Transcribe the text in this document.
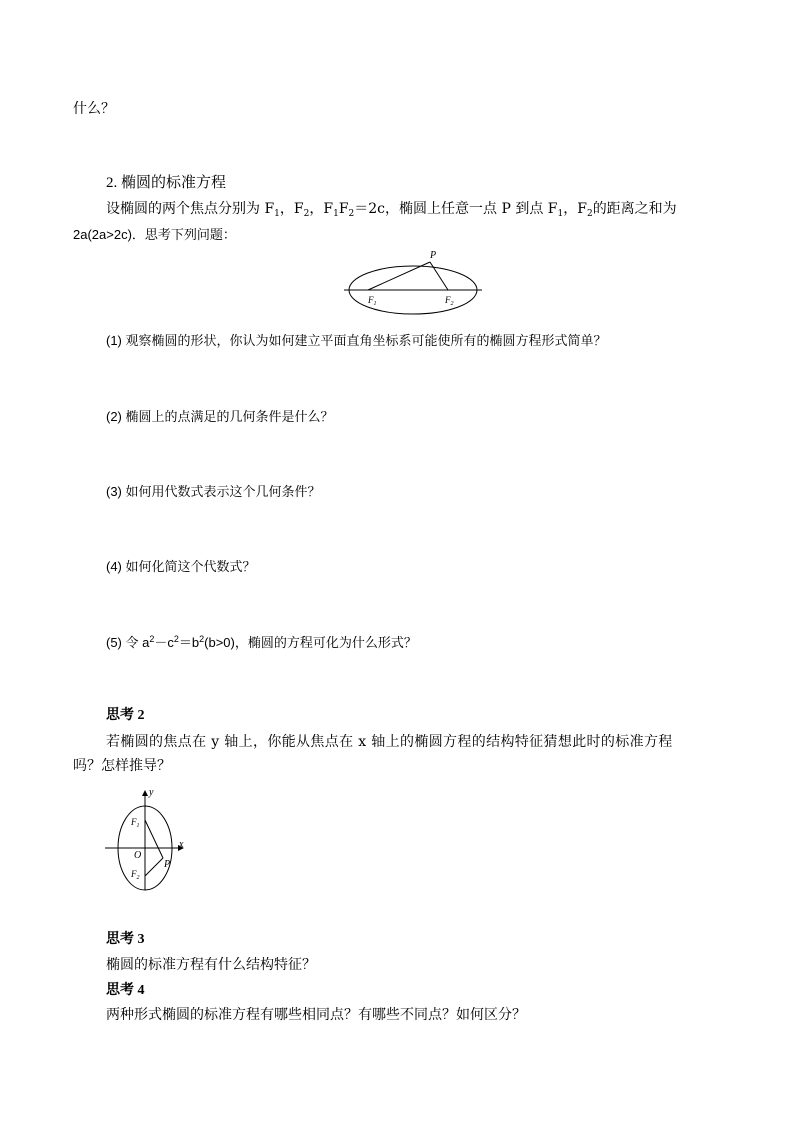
什么？
2. 椭圆的标准方程
设椭圆的两个焦点分别为 $F_1$，$F_2$，$F_1F_2=2c$，椭圆上任意一点 P 到点 $F_1$，$F_2$的距离之和为
2a(2a>2c)．思考下列问题：
P
$F_1$	$F_2$
(1) 观察椭圆的形状，你认为如何建立平面直角坐标系可能使所有的椭圆方程形式简单？
(2) 椭圆上的点满足的几何条件是什么？
(3) 如何用代数式表示这个几何条件？
(4) 如何化简这个代数式？
(5) 令 $a^2-c^2=b^2(b>0)$，椭圆的方程可化为什么形式？
思考 2
若椭圆的焦点在 y 轴上，你能从焦点在 x 轴上的椭圆方程的结构特征猜想此时的标准方程
吗？怎样推导？
y
x
O
$F_1$
$F_2$
P
思考 3
椭圆的标准方程有什么结构特征？
思考 4
两种形式椭圆的标准方程有哪些相同点？有哪些不同点？如何区分？
